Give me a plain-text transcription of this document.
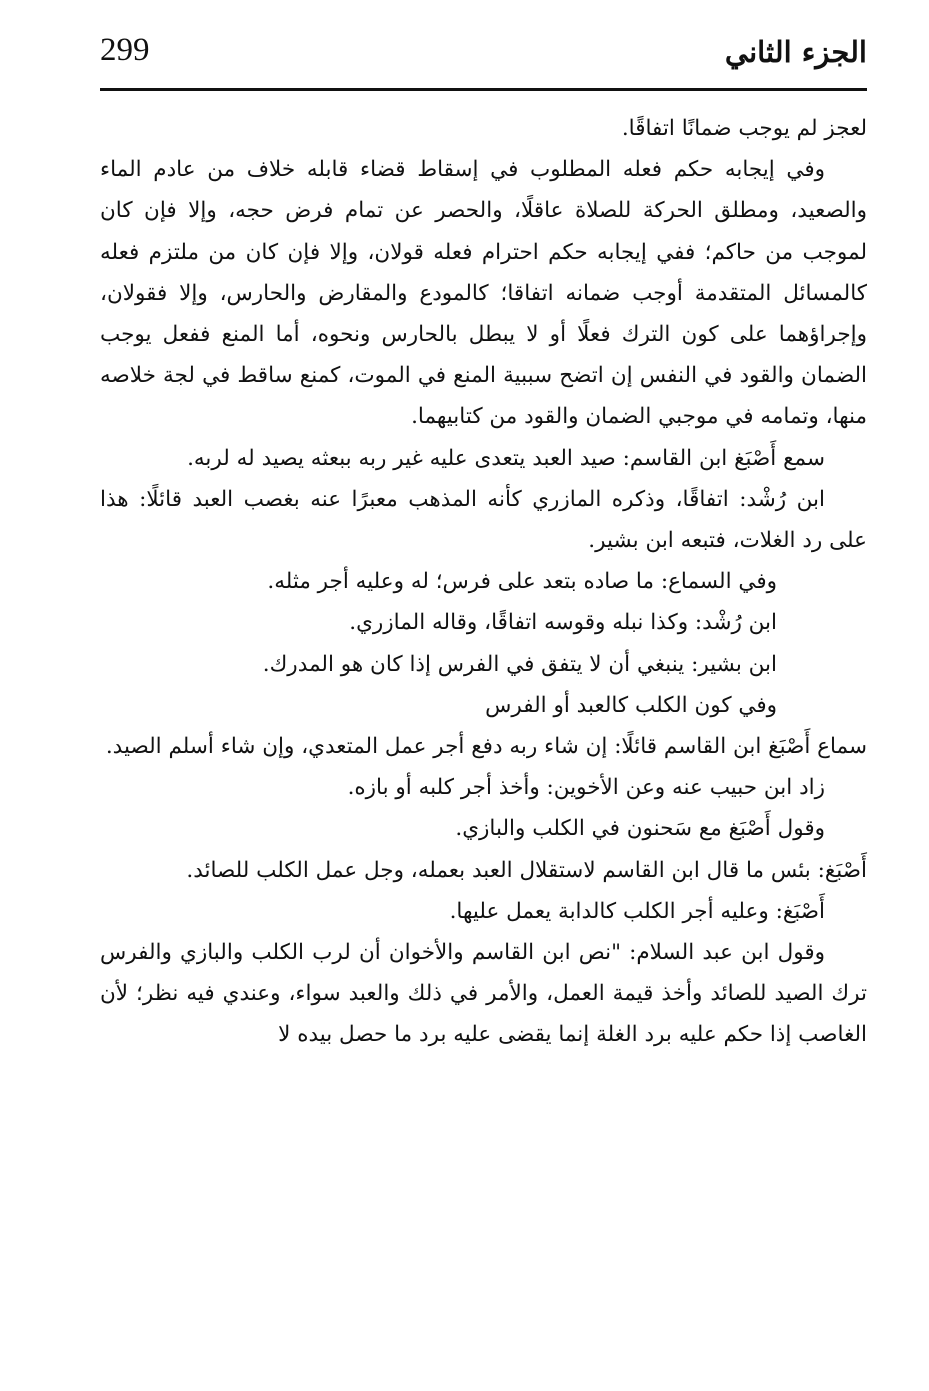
299	الجزء الثاني

لعجز لم يوجب ضمانًا اتفاقًا.

وفي إيجابه حكم فعله المطلوب في إسقاط قضاء قابله خلاف من عادم الماء والصعيد، ومطلق الحركة للصلاة عاقلًا، والحصر عن تمام فرض حجه، وإلا فإن كان لموجب من حاكم؛ ففي إيجابه حكم احترام فعله قولان، وإلا فإن كان من ملتزم فعله كالمسائل المتقدمة أوجب ضمانه اتفاقا؛ كالمودع والمقارض والحارس، وإلا فقولان، وإجراؤهما على كون الترك فعلًا أو لا يبطل بالحارس ونحوه، أما المنع ففعل يوجب الضمان والقود في النفس إن اتضح سببية المنع في الموت، كمنع ساقط في لجة خلاصه منها، وتمامه في موجبي الضمان والقود من كتابيهما.

سمع أَصْبَغ ابن القاسم: صيد العبد يتعدى عليه غير ربه ببعثه يصيد له لربه.

ابن رُشْد: اتفاقًا، وذكره المازري كأنه المذهب معبرًا عنه بغصب العبد قائلًا: هذا على رد الغلات، فتبعه ابن بشير.

وفي السماع: ما صاده بتعد على فرس؛ له وعليه أجر مثله.

ابن رُشْد: وكذا نبله وقوسه اتفاقًا، وقاله المازري.

ابن بشير: ينبغي أن لا يتفق في الفرس إذا كان هو المدرك.

وفي كون الكلب كالعبد أو الفرس

سماع أَصْبَغ ابن القاسم قائلًا: إن شاء ربه دفع أجر عمل المتعدي، وإن شاء أسلم الصيد.

زاد ابن حبيب عنه وعن الأخوين: وأخذ أجر كلبه أو بازه.

وقول أَصْبَغ مع سَحنون في الكلب والبازي.

أَصْبَغ: بئس ما قال ابن القاسم لاستقلال العبد بعمله، وجل عمل الكلب للصائد.

أَصْبَغ: وعليه أجر الكلب كالدابة يعمل عليها.

وقول ابن عبد السلام: "نص ابن القاسم والأخوان أن لرب الكلب والبازي والفرس ترك الصيد للصائد وأخذ قيمة العمل، والأمر في ذلك والعبد سواء، وعندي فيه نظر؛ لأن الغاصب إذا حكم عليه برد الغلة إنما يقضى عليه برد ما حصل بيده لا
